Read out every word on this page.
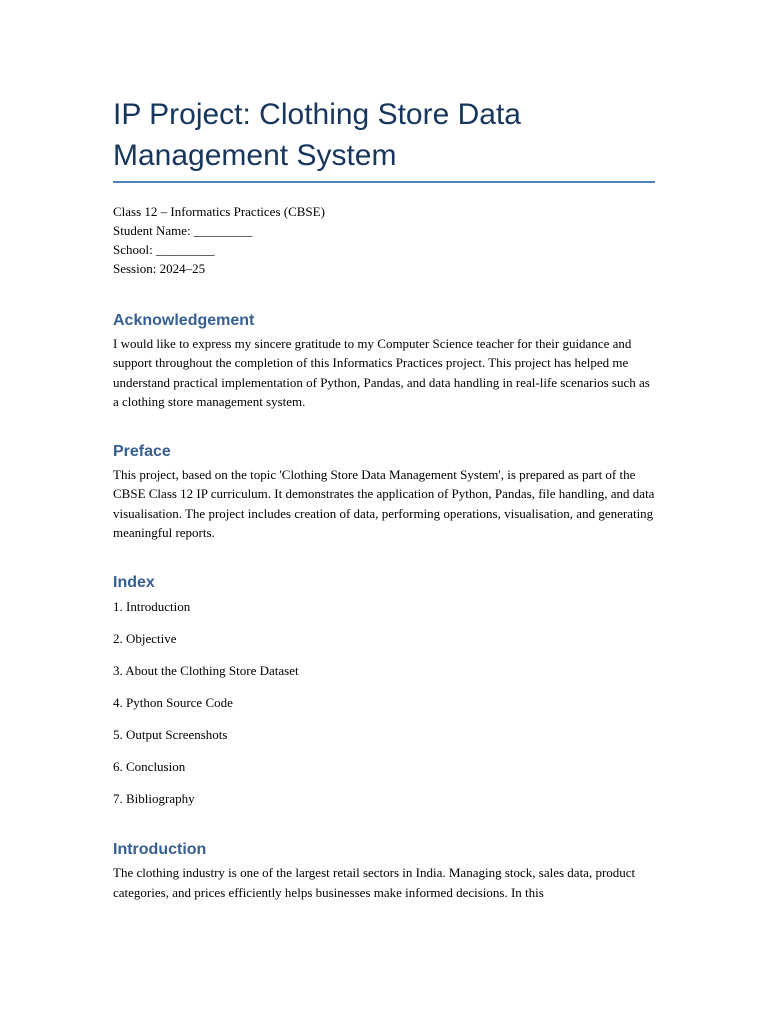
IP Project: Clothing Store Data Management System
Class 12 – Informatics Practices (CBSE)
Student Name: _________
School: _________
Session: 2024–25
Acknowledgement

I would like to express my sincere gratitude to my Computer Science teacher for their guidance and support throughout the completion of this Informatics Practices project. This project has helped me understand practical implementation of Python, Pandas, and data handling in real-life scenarios such as a clothing store management system.

Preface

This project, based on the topic 'Clothing Store Data Management System', is prepared as part of the CBSE Class 12 IP curriculum. It demonstrates the application of Python, Pandas, file handling, and data visualisation. The project includes creation of data, performing operations, visualisation, and generating meaningful reports.

Index
1. Introduction
2. Objective
3. About the Clothing Store Dataset
4. Python Source Code
5. Output Screenshots
6. Conclusion
7. Bibliography
Introduction

The clothing industry is one of the largest retail sectors in India. Managing stock, sales data, product categories, and prices efficiently helps businesses make informed decisions. In this
